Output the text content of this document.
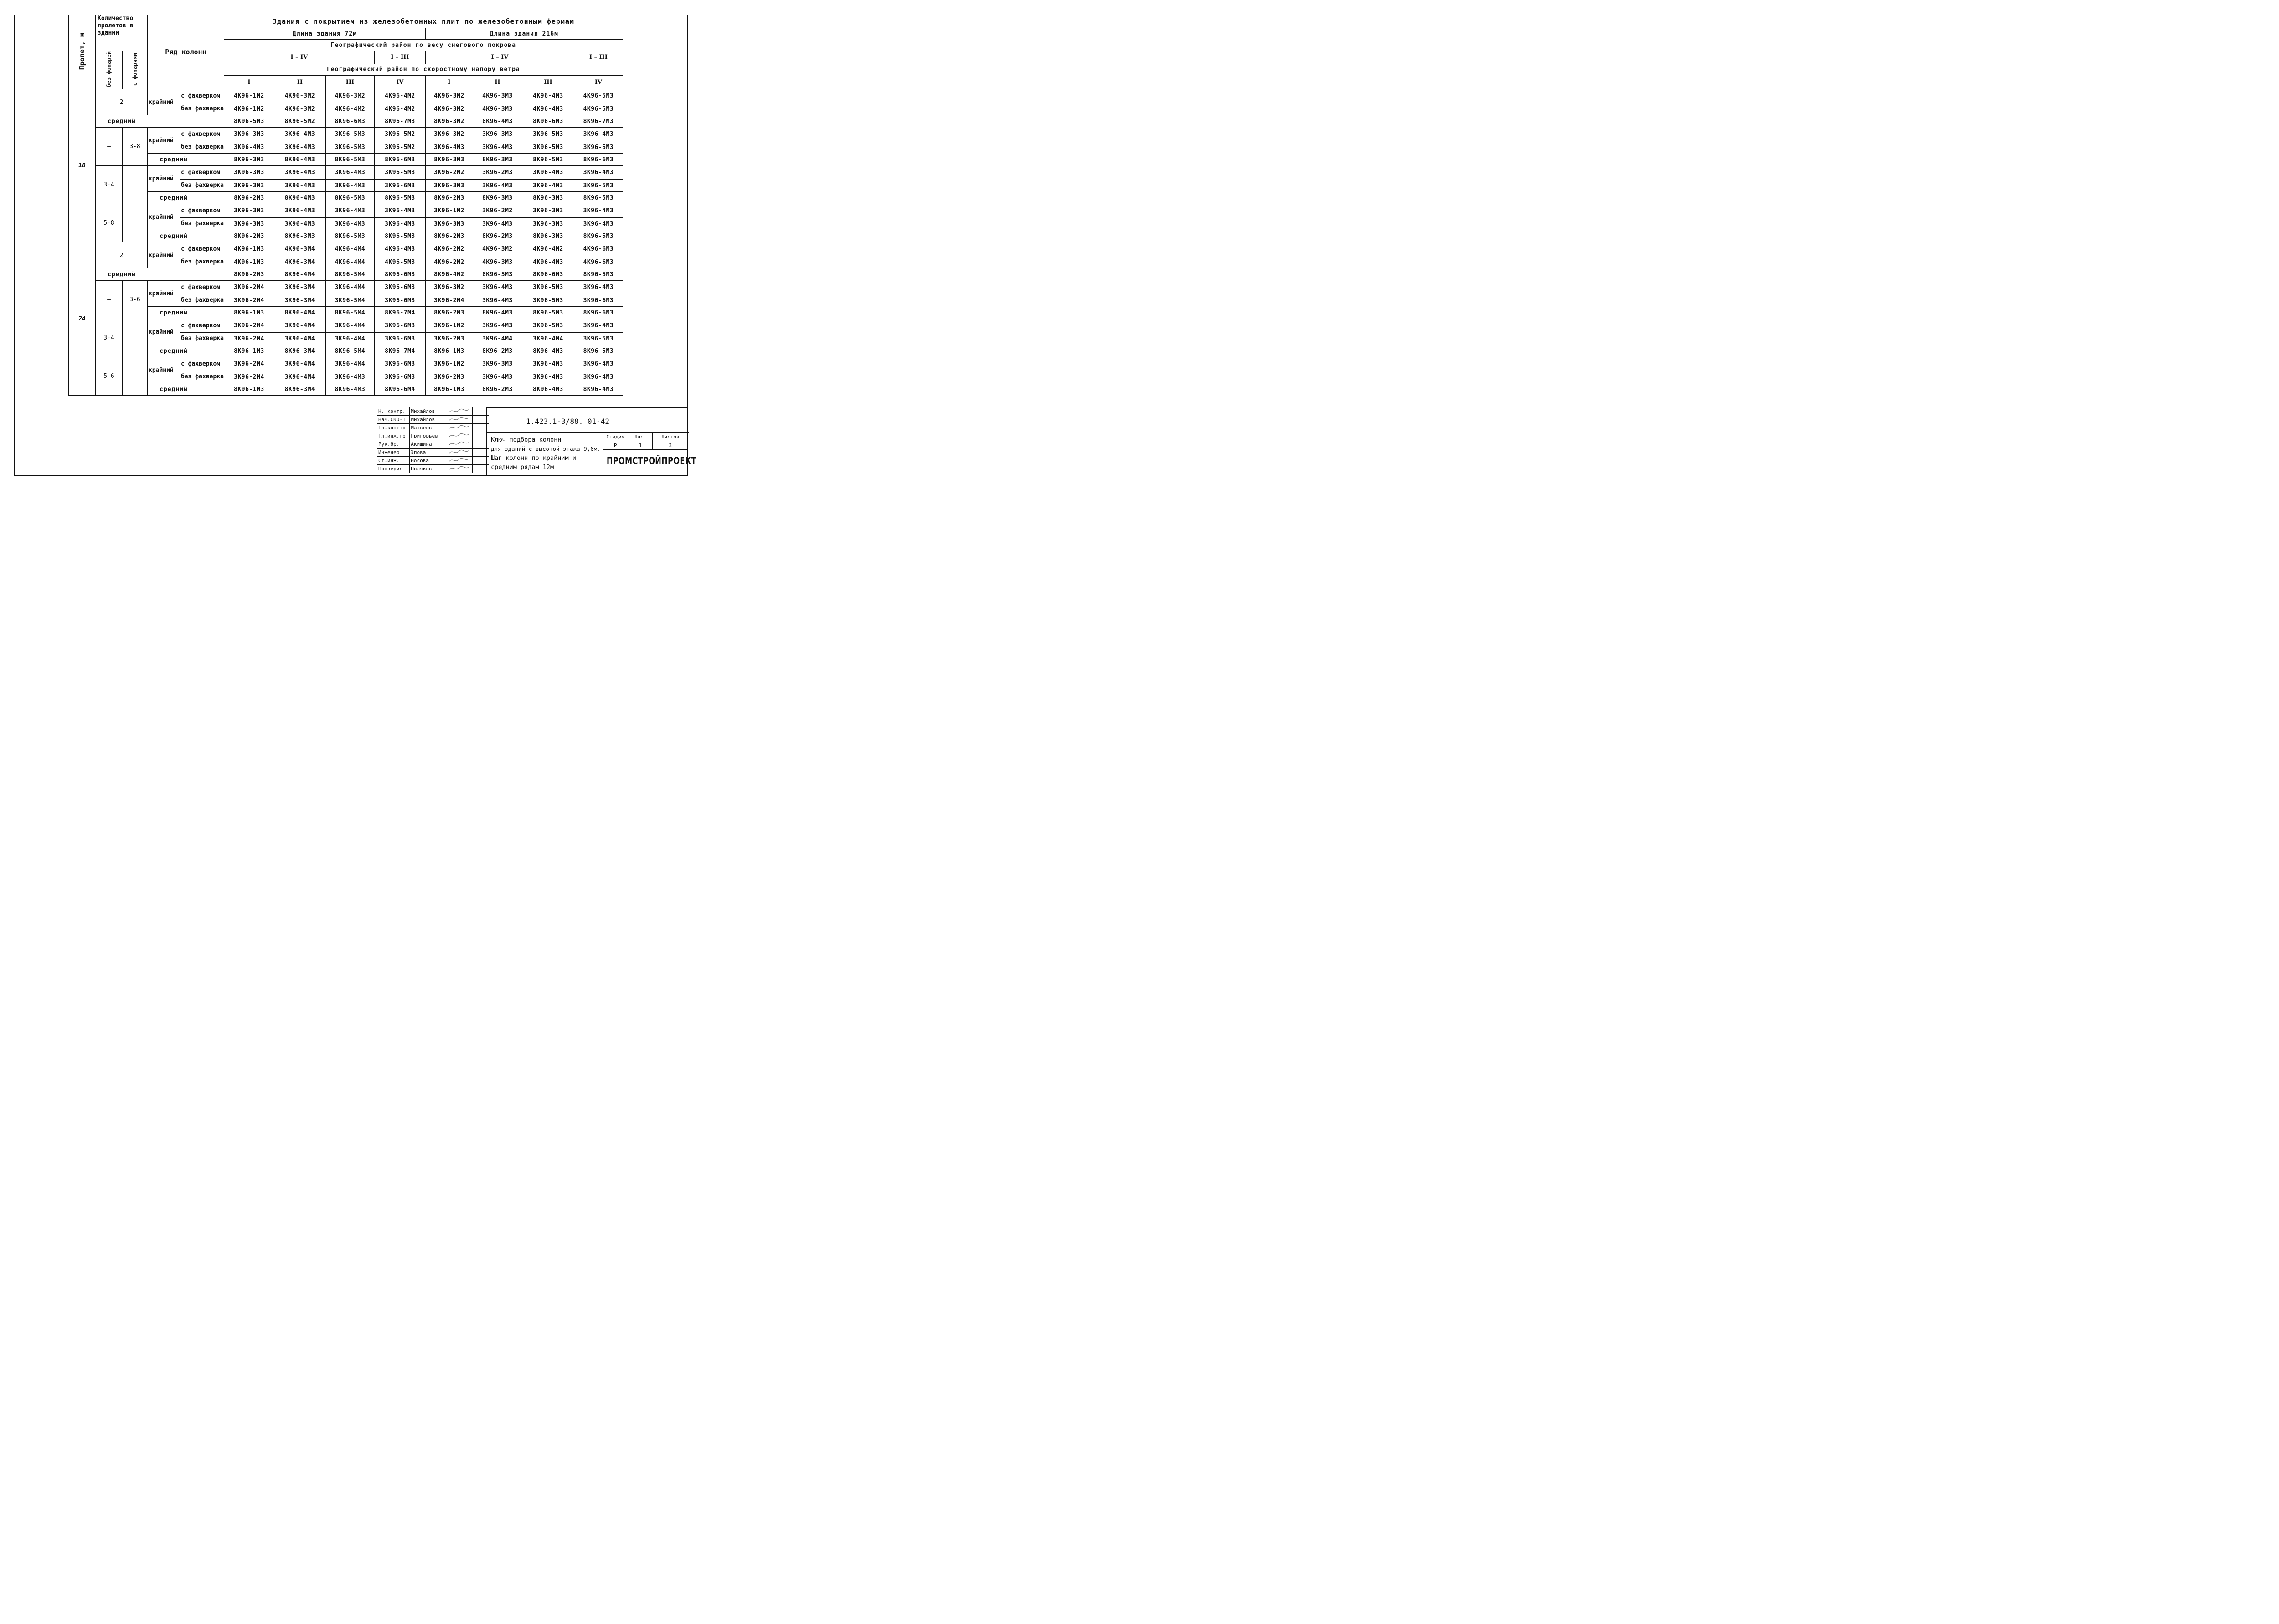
Пролет, м	Количество пролетов в здании		Ряд колонн		Здания с покрытием из железобетонных плит по железобетонным фермам							
					Длина здания 72м				Длина здания 216м			
					Географический район по весу снегового покрова							
	без фонарей	с фонарями			I – IV			I – III	I – IV			I – III
					Географический район по скоростному напору ветра							
					I	II	III	IV	I	II	III	IV
18	2		крайний	с фахверком	4К96-1М2	4К96-3М2	4К96-3М2	4К96-4М2	4К96-3М2	4К96-3М3	4К96-4М3	4К96-5М3
				без фахверка	4К96-1М2	4К96-3М2	4К96-4М2	4К96-4М2	4К96-3М2	4К96-3М3	4К96-4М3	4К96-5М3
	средний				8К96-5М3	8К96-5М2	8К96-6М3	8К96-7М3	8К96-3М2	8К96-4М3	8К96-6М3	8К96-7М3
	—	3-8	крайний	с фахверком	3К96-3М3	3К96-4М3	3К96-5М3	3К96-5М2	3К96-3М2	3К96-3М3	3К96-5М3	3К96-4М3
				без фахверка	3К96-4М3	3К96-4М3	3К96-5М3	3К96-5М2	3К96-4М3	3К96-4М3	3К96-5М3	3К96-5М3
			средний		8К96-3М3	8К96-4М3	8К96-5М3	8К96-6М3	8К96-3М3	8К96-3М3	8К96-5М3	8К96-6М3
	3-4	—	крайний	с фахверком	3К96-3М3	3К96-4М3	3К96-4М3	3К96-5М3	3К96-2М2	3К96-2М3	3К96-4М3	3К96-4М3
				без фахверка	3К96-3М3	3К96-4М3	3К96-4М3	3К96-6М3	3К96-3М3	3К96-4М3	3К96-4М3	3К96-5М3
			средний		8К96-2М3	8К96-4М3	8К96-5М3	8К96-5М3	8К96-2М3	8К96-3М3	8К96-3М3	8К96-5М3
	5-8	—	крайний	с фахверком	3К96-3М3	3К96-4М3	3К96-4М3	3К96-4М3	3К96-1М2	3К96-2М2	3К96-3М3	3К96-4М3
				без фахверка	3К96-3М3	3К96-4М3	3К96-4М3	3К96-4М3	3К96-3М3	3К96-4М3	3К96-3М3	3К96-4М3
			средний		8К96-2М3	8К96-3М3	8К96-5М3	8К96-5М3	8К96-2М3	8К96-2М3	8К96-3М3	8К96-5М3
24	2		крайний	с фахверком	4К96-1М3	4К96-3М4	4К96-4М4	4К96-4М3	4К96-2М2	4К96-3М2	4К96-4М2	4К96-6М3
				без фахверка	4К96-1М3	4К96-3М4	4К96-4М4	4К96-5М3	4К96-2М2	4К96-3М3	4К96-4М3	4К96-6М3
	средний				8К96-2М3	8К96-4М4	8К96-5М4	8К96-6М3	8К96-4М2	8К96-5М3	8К96-6М3	8К96-5М3
	—	3-6	крайний	с фахверком	3К96-2М4	3К96-3М4	3К96-4М4	3К96-6М3	3К96-3М2	3К96-4М3	3К96-5М3	3К96-4М3
				без фахверка	3К96-2М4	3К96-3М4	3К96-5М4	3К96-6М3	3К96-2М4	3К96-4М3	3К96-5М3	3К96-6М3
			средний		8К96-1М3	8К96-4М4	8К96-5М4	8К96-7М4	8К96-2М3	8К96-4М3	8К96-5М3	8К96-6М3
	3-4	—	крайний	с фахверком	3К96-2М4	3К96-4М4	3К96-4М4	3К96-6М3	3К96-1М2	3К96-4М3	3К96-5М3	3К96-4М3
				без фахверка	3К96-2М4	3К96-4М4	3К96-4М4	3К96-6М3	3К96-2М3	3К96-4М4	3К96-4М4	3К96-5М3
			средний		8К96-1М3	8К96-3М4	8К96-5М4	8К96-7М4	8К96-1М3	8К96-2М3	8К96-4М3	8К96-5М3
	5-6	—	крайний	с фахверком	3К96-2М4	3К96-4М4	3К96-4М4	3К96-6М3	3К96-1М2	3К96-3М3	3К96-4М3	3К96-4М3
				без фахверка	3К96-2М4	3К96-4М4	3К96-4М3	3К96-6М3	3К96-2М3	3К96-4М3	3К96-4М3	3К96-4М3
			средний		8К96-1М3	8К96-3М4	8К96-4М3	8К96-6М4	8К96-1М3	8К96-2М3	8К96-4М3	8К96-4М3
Н. контр.	Михайлов		
Нач.СКО-1	Михайлов		
Гл.констр	Матвеев		
Гл.инж.пр.	Григорьев		
Рук.бр.	Акишина		
Инженер	Эпова		
Ст.инж.	Носова		
Проверил	Поляков		
1.423.1-3/88. 01-42
Ключ подбора колонн
для зданий с высотой этажа 9,6м.
Шаг колонн по крайним и
средним рядам 12м
Стадия	Лист	Листов
Р	1	3
ПРОМСТРОЙПРОЕКТ
